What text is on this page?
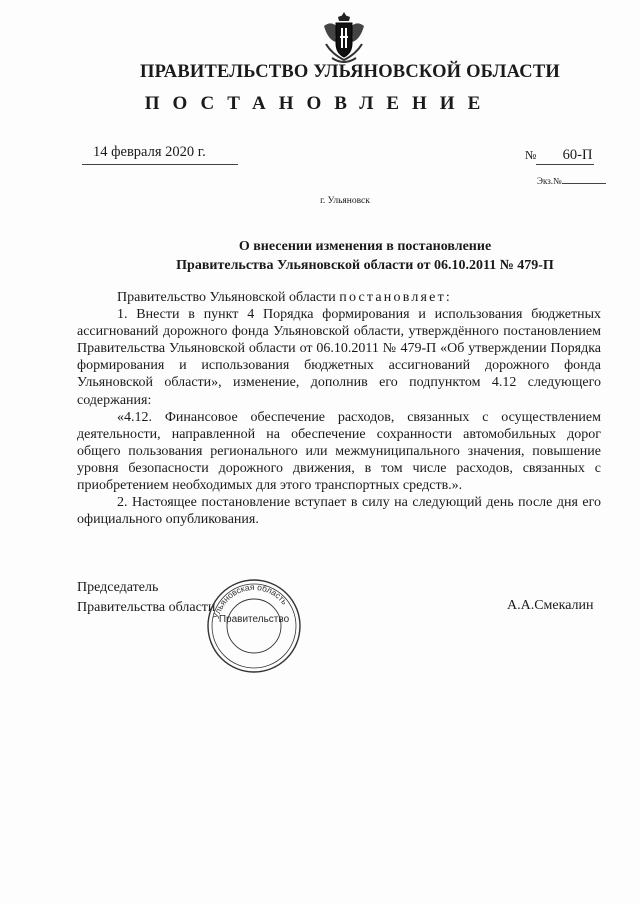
ПРАВИТЕЛЬСТВО УЛЬЯНОВСКОЙ ОБЛАСТИ
ПОСТАНОВЛЕНИЕ
14 февраля 2020 г.	№ 60-П
Экз.№
г. Ульяновск
О внесении изменения в постановление
Правительства Ульяновской области от 06.10.2011 № 479-П

Правительство Ульяновской области постановляет:

1. Внести в пункт 4 Порядка формирования и использования бюджетных ассигнований дорожного фонда Ульяновской области, утверждённого постановлением Правительства Ульяновской области от 06.10.2011 № 479-П «Об утверждении Порядка формирования и использования бюджетных ассигнований дорожного фонда Ульяновской области», изменение, дополнив его подпунктом 4.12 следующего содержания:

«4.12. Финансовое обеспечение расходов, связанных с осуществлением деятельности, направленной на обеспечение сохранности автомобильных дорог общего пользования регионального или межмуниципального значения, повышение уровня безопасности дорожного движения, в том числе расходов, связанных с приобретением необходимых для этого транспортных средств.».

2. Настоящее постановление вступает в силу на следующий день после дня его официального опубликования.

Председатель
Правительства области
Ульяновская область
Правительство
А.А.Смекалин
